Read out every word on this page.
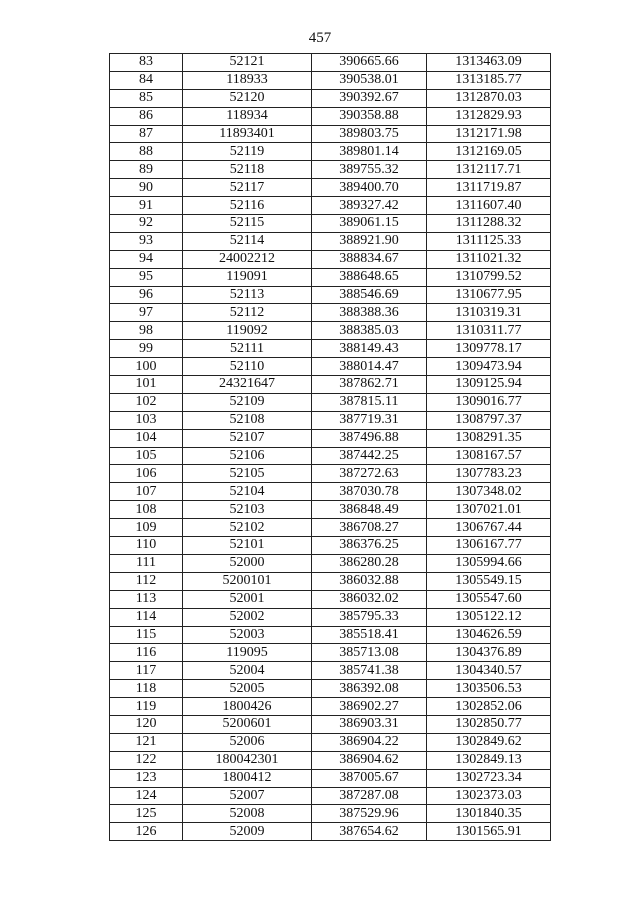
457
83	52121	390665.66	1313463.09
84	118933	390538.01	1313185.77
85	52120	390392.67	1312870.03
86	118934	390358.88	1312829.93
87	11893401	389803.75	1312171.98
88	52119	389801.14	1312169.05
89	52118	389755.32	1312117.71
90	52117	389400.70	1311719.87
91	52116	389327.42	1311607.40
92	52115	389061.15	1311288.32
93	52114	388921.90	1311125.33
94	24002212	388834.67	1311021.32
95	119091	388648.65	1310799.52
96	52113	388546.69	1310677.95
97	52112	388388.36	1310319.31
98	119092	388385.03	1310311.77
99	52111	388149.43	1309778.17
100	52110	388014.47	1309473.94
101	24321647	387862.71	1309125.94
102	52109	387815.11	1309016.77
103	52108	387719.31	1308797.37
104	52107	387496.88	1308291.35
105	52106	387442.25	1308167.57
106	52105	387272.63	1307783.23
107	52104	387030.78	1307348.02
108	52103	386848.49	1307021.01
109	52102	386708.27	1306767.44
110	52101	386376.25	1306167.77
111	52000	386280.28	1305994.66
112	5200101	386032.88	1305549.15
113	52001	386032.02	1305547.60
114	52002	385795.33	1305122.12
115	52003	385518.41	1304626.59
116	119095	385713.08	1304376.89
117	52004	385741.38	1304340.57
118	52005	386392.08	1303506.53
119	1800426	386902.27	1302852.06
120	5200601	386903.31	1302850.77
121	52006	386904.22	1302849.62
122	180042301	386904.62	1302849.13
123	1800412	387005.67	1302723.34
124	52007	387287.08	1302373.03
125	52008	387529.96	1301840.35
126	52009	387654.62	1301565.91
